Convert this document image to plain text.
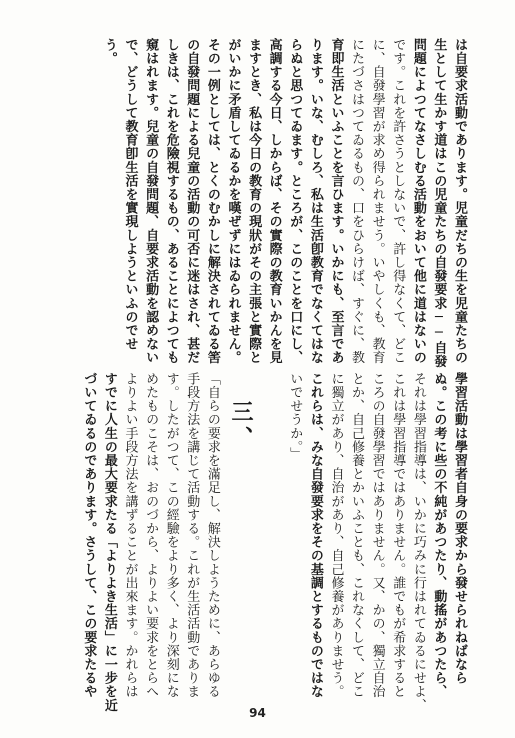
は自要求活動であります。児童だちの生を児童たちの
生として生かす道はこの児童たちの自發要求──自發
問題によつてなさしむる活動をおいて他に道はないの
です。これを許さうとしないで、許し得なくて、どこ
に、自發學習が求め得られませう。いやしくも、教育
にたづさはつてゐるもの、口をひらけば、すぐに、教
育即生活といふことを言ひます。いかにも、至言であ
ります。いな、むしろ、私は生活卽教育でなくてはな
らぬと思つてゐます。ところが、このことを口にし、
高調する今日、しからば、その實際の教育いかんを見
ますとき、私は今日の教育の現狀がその主張と實際と
がいかに矛盾してゐるかを嘆ぜずにはゐられません。
その一例としては、とくのむかしに解決されてゐる筈
の自發問題による兒童の活動の可否に迷はされ、甚だ
しきは、これを危險視するもの、あることによつても
窺はれます。兒童の自發問題、自要求活動を認めない
で、どうして教育卽生活を實現しようといふのでせ
う。
三、	學習活動は學習者自身の要求から發せられねばなら
ぬ。この考に些の不純があつたり、動搖があつたら、
それは學習指導は、いかに巧みに行はれてゐるにせよ、
これは學習指導ではありません。誰でもが希求すると
ころの自發學習ではありません。又、かの、獨立自治
とか、自己修養とかいふことも、これなくして、どこ
に獨立があり、自治があり、自己修養がありませう。
これらは、みな自發要求をその基調とするものではな
いでせうか。」

「自らの要求を滿足し、解決しようために、あらゆる
手段方法を講じて活動する。これが生活活動でありま
す。したがつて、この經驗をより多く、より深刻にな
めたものこそは、おのづから、よりよい要求をとらへ
よりよい手段方法を講ずることが出來ます。かれらは
すでに人生の最大要求たる「よりよき生活」に一步を近
づいてゐるのであります。さうして、この要求たるや
94
